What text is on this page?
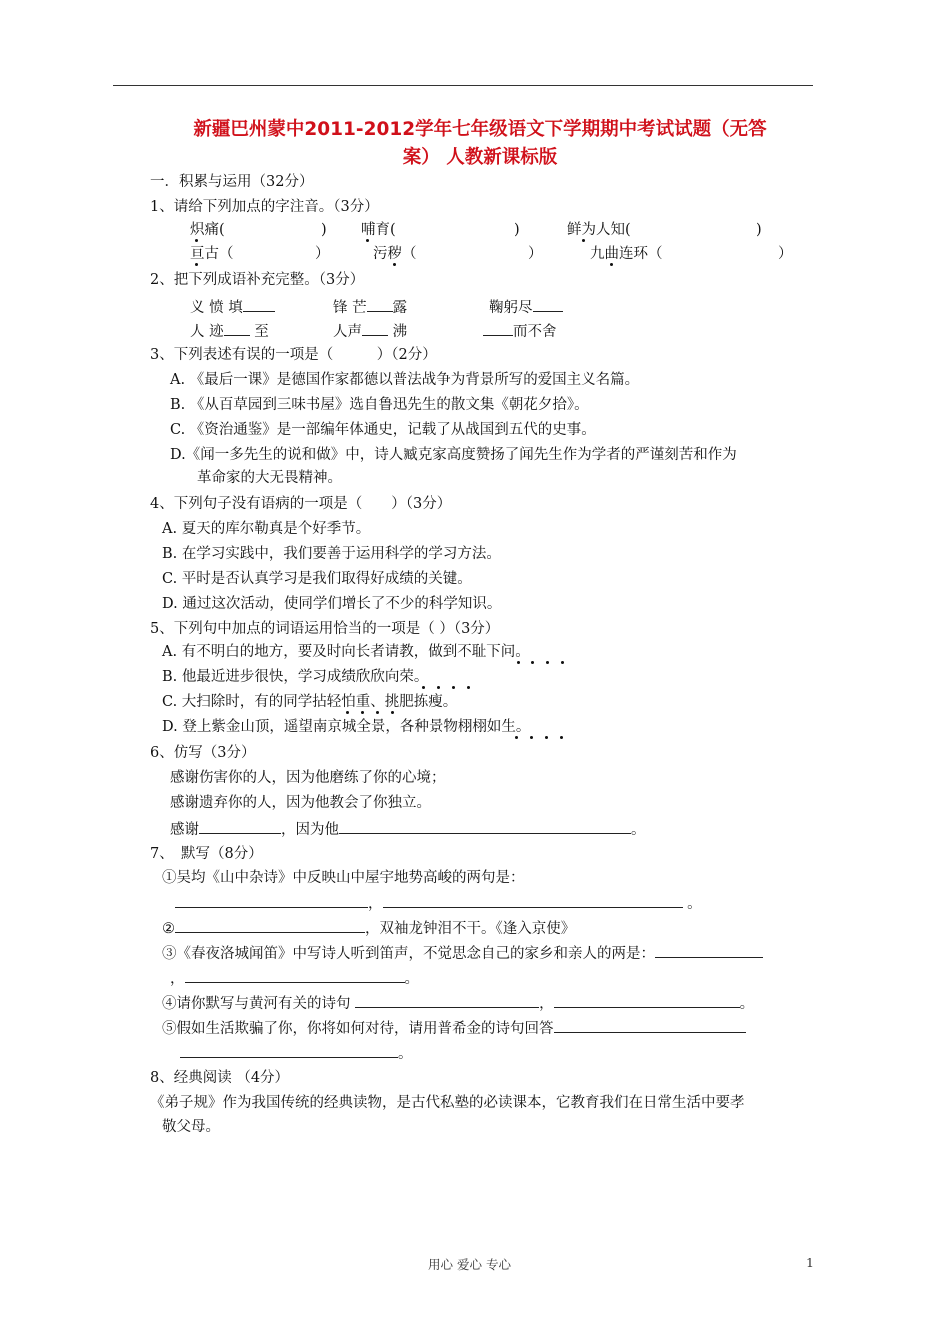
新疆巴州蒙中2011-2012学年七年级语文下学期期中考试试题（无答
案） 人教新课标版
一．积累与运用（32分）
1、请给下列加点的字注音。（3分）
炽痛(	) 哺育(	)	鲜为人知(	)
亘古（	）	污秽（	）	九曲连环（	）
2、把下列成语补充完整。（3分）
义 愤 填	锋 芒 露	鞠躬尽
人 迹 至	人声 沸	而不舍
3、下列表述有误的一项是（　　　）（2分）
A. 《最后一课》是德国作家都德以普法战争为背景所写的爱国主义名篇。
B. 《从百草园到三味书屋》选自鲁迅先生的散文集《朝花夕拾》。
C. 《资治通鉴》是一部编年体通史，记载了从战国到五代的史事。
D.《闻一多先生的说和做》中，诗人臧克家高度赞扬了闻先生作为学者的严谨刻苦和作为
革命家的大无畏精神。
4、下列句子没有语病的一项是（　　）（3分）
A. 夏天的库尔勒真是个好季节。
B. 在学习实践中，我们要善于运用科学的学习方法。
C. 平时是否认真学习是我们取得好成绩的关键。
D. 通过这次活动，使同学们增长了不少的科学知识。
5、下列句中加点的词语运用恰当的一项是（ ）（3分）
A. 有不明白的地方，要及时向长者请教，做到不耻下问。
B. 他最近进步很快，学习成绩欣欣向荣。
C. 大扫除时，有的同学拈轻怕重、挑肥拣瘦。
D. 登上紫金山顶，遥望南京城全景，各种景物栩栩如生。
6、仿写（3分）
感谢伤害你的人，因为他磨练了你的心境；
感谢遗弃你的人，因为他教会了你独立。
感谢	，因为他	。
7、　默写（8分）
①吴均《山中杂诗》中反映山中屋宇地势高峻的两句是：
，	。
②	，双袖龙钟泪不干。《逢入京使》
③《春夜洛城闻笛》中写诗人听到笛声，不觉思念自己的家乡和亲人的两是：
，	。
④请你默写与黄河有关的诗句	，	。
⑤假如生活欺骗了你，你将如何对待，请用普希金的诗句回答
。
8、经典阅读 （4分）
《弟子规》作为我国传统的经典读物，是古代私塾的必读课本，它教育我们在日常生活中要孝
敬父母。
用心 爱心 专心	1
